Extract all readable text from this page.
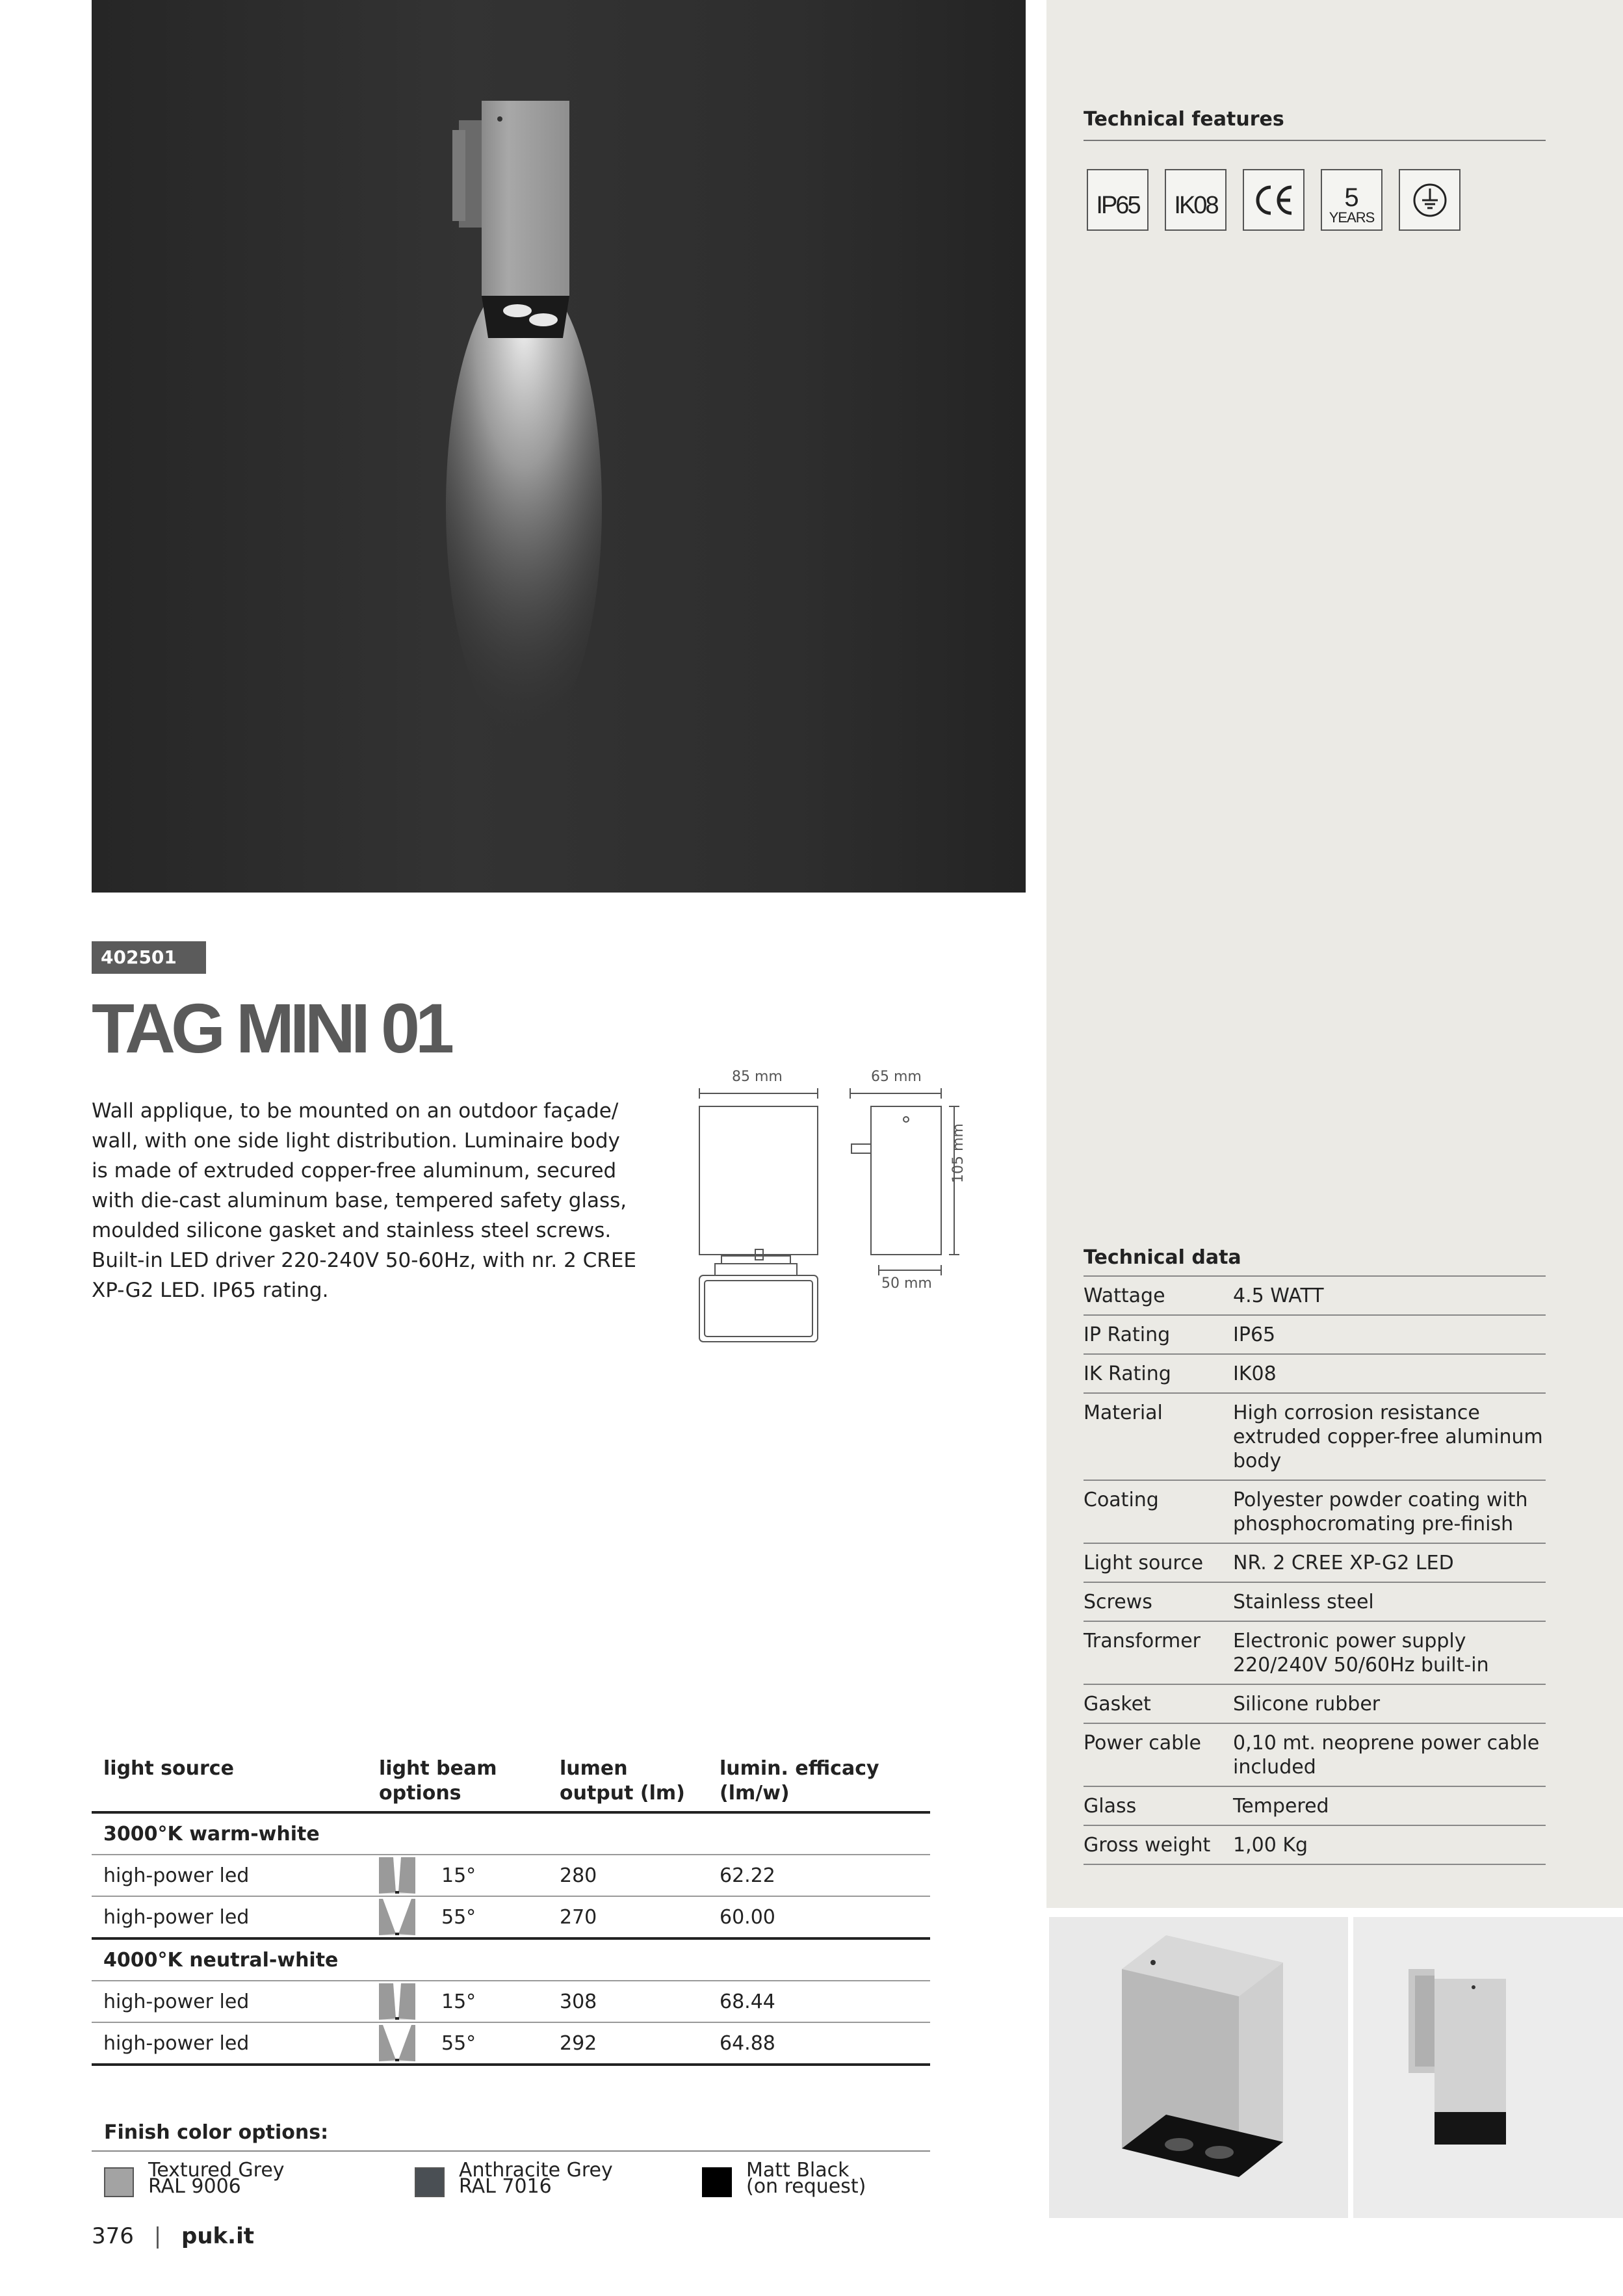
402501
TAG MINI 01
Wall applique, to be mounted on an outdoor façade/ wall, with one side light distribution. Luminaire body is made of extruded copper-free aluminum, secured with die-cast aluminum base, tempered safety glass, moulded silicone gasket and stainless steel screws. Built-in LED driver 220-240V 50-60Hz, with nr. 2 CREE XP-G2 LED. IP65 rating.
85 mm	65 mm
105 mm
50 mm
Technical features
IP65 IK08	5
YEARS
Technical data
Wattage	4.5 WATT
IP Rating	IP65
IK Rating	IK08
Material	High corrosion resistance extruded copper-free aluminum body
Coating	Polyester powder coating with phosphocromating pre-finish
Light source	NR. 2 CREE XP-G2 LED
Screws	Stainless steel
Transformer	Electronic power supply 220/240V 50/60Hz built-in
Gasket	Silicone rubber
Power cable	0,10 mt. neoprene power cable included
Glass	Tempered
Gross weight	1,00 Kg
light source	light beam options	lumen output (lm)	lumin. efficacy (lm/w)
3000°K warm-white			
high-power led	15°	280	62.22
high-power led	55°	270	60.00
4000°K neutral-white			
high-power led	15°	308	68.44
high-power led	55°	292	64.88
Finish color options:
Textured Grey
RAL 9006
Anthracite Grey
RAL 7016
Matt Black
(on request)
376 | puk.it
